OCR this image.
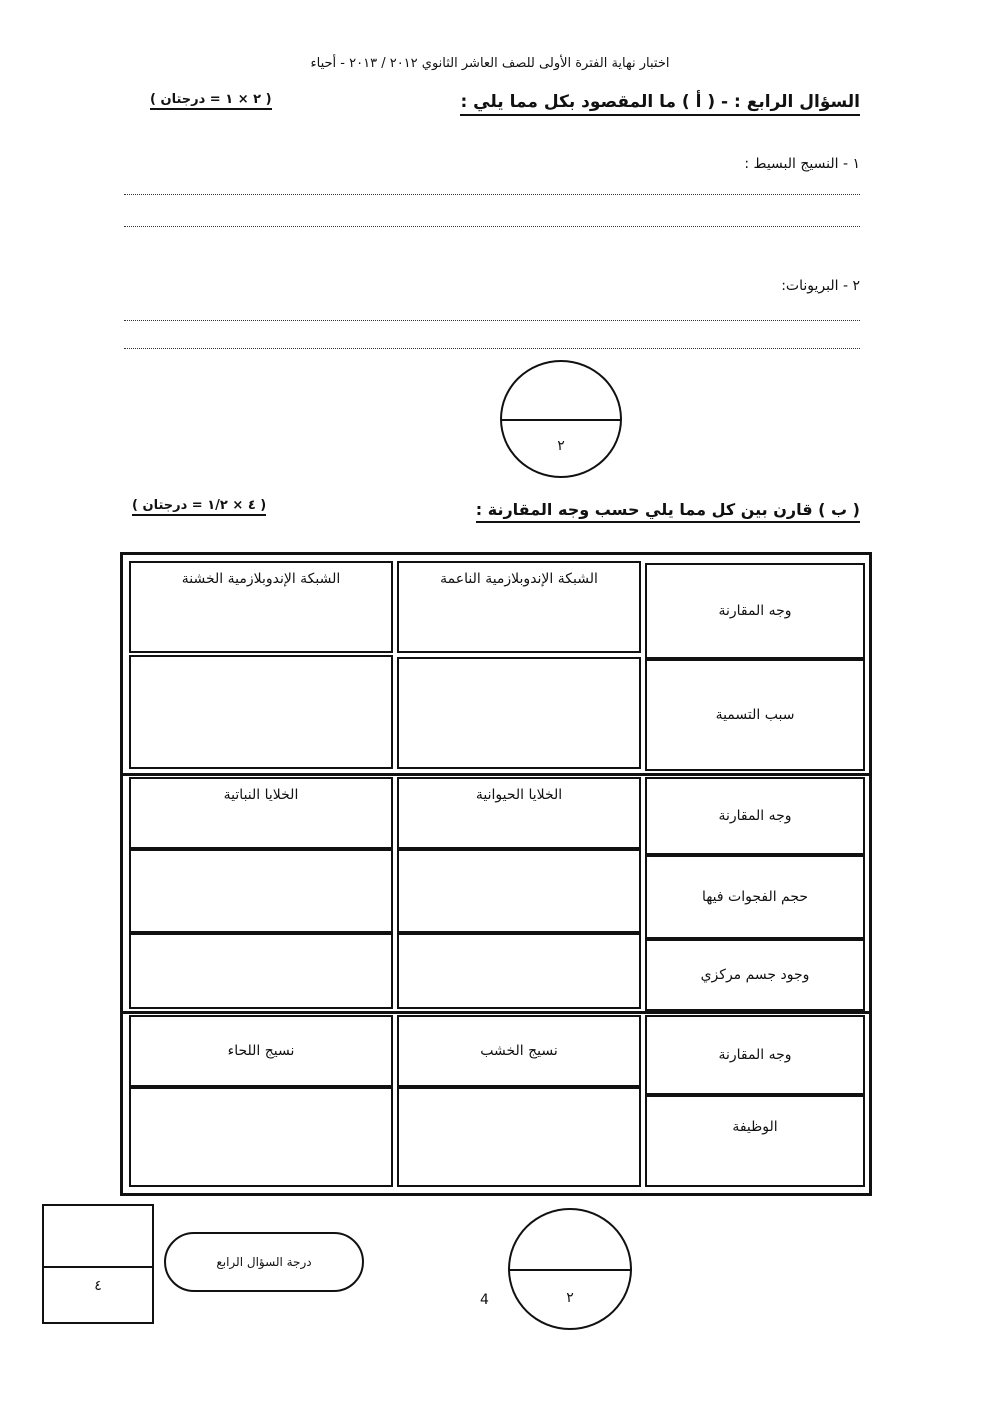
اختبار نهاية الفترة الأولى للصف العاشر الثانوي ٢٠١٢ / ٢٠١٣ - أحياء
السؤال الرابع : - ( أ ) ما المقصود بكل مما يلي :
( ٢ × ١ = درجتان )
١ - النسيج البسيط :
٢ - البريونات:
٢
( ب ) قارن بين كل مما يلي حسب وجه المقارنة :
( ٤ × ١/٢ = درجتان )
وجه المقارنة
الشبكة الإندوبلازمية الناعمة
الشبكة الإندوبلازمية الخشنة
سبب التسمية
وجه المقارنة
الخلايا الحيوانية
الخلايا النباتية
حجم الفجوات فيها
وجود جسم مركزي
وجه المقارنة
نسيج الخشب
نسيج اللحاء
الوظيفة
٤
درجة السؤال الرابع
٢
4
